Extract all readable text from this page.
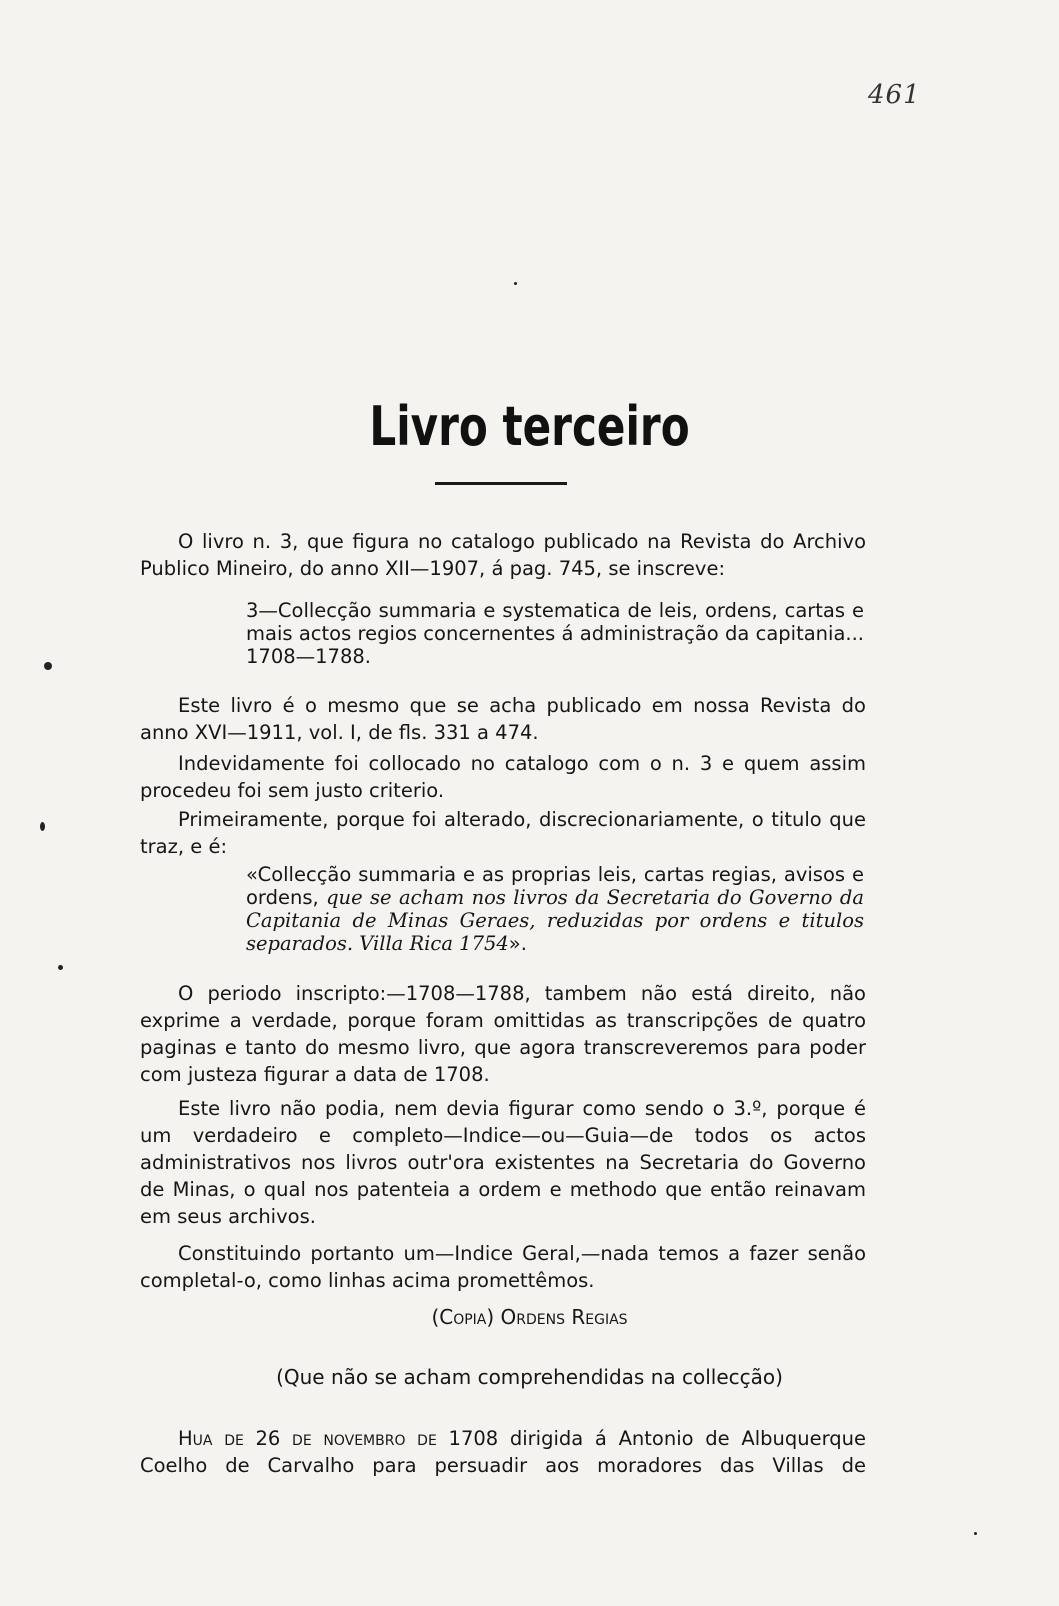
461
Livro terceiro

O livro n. 3, que figura no catalogo publicado na Revista do Archivo Publico Mineiro, do anno XII—1907, á pag. 745, se inscreve:

3—Collecção summaria e systematica de leis, ordens, cartas e mais actos regios concernentes á administração da capitania... 1708—1788.

Este livro é o mesmo que se acha publicado em nossa Revista do anno XVI—1911, vol. I, de fls. 331 a 474.

Indevidamente foi collocado no catalogo com o n. 3 e quem assim procedeu foi sem justo criterio.

Primeiramente, porque foi alterado, discrecionariamente, o titulo que traz, e é:

«Collecção summaria e as proprias leis, cartas regias, avisos e ordens, que se acham nos livros da Secretaria do Governo da Capitania de Minas Geraes, reduzidas por ordens e titulos separados. Villa Rica 1754».

O periodo inscripto:—1708—1788, tambem não está direito, não exprime a verdade, porque foram omittidas as transcripções de quatro paginas e tanto do mesmo livro, que agora transcreveremos para poder com justeza figurar a data de 1708.

Este livro não podia, nem devia figurar como sendo o 3.º, porque é um verdadeiro e completo—Indice—ou—Guia—de todos os actos administrativos nos livros outr'ora existentes na Secretaria do Governo de Minas, o qual nos patenteia a ordem e methodo que então reinavam em seus archivos.

Constituindo portanto um—Indice Geral,—nada temos a fazer senão completal-o, como linhas acima promettêmos.

(Copia) Ordens Regias

(Que não se acham comprehendidas na collecção)

Hua de 26 de novembro de 1708 dirigida á Antonio de Albuquerque Coelho de Carvalho para persuadir aos moradores das Villas de
